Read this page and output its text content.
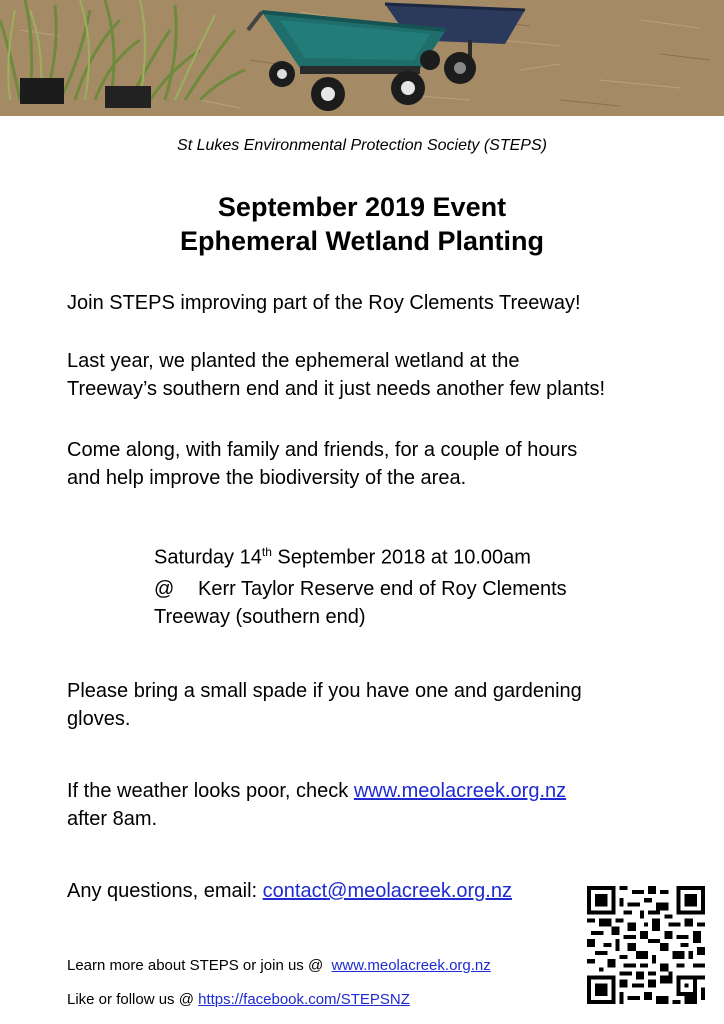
St Lukes Environmental Protection Society (STEPS)
September 2019 Event
Ephemeral Wetland Planting
Join STEPS improving part of the Roy Clements Treeway!
Last year, we planted the ephemeral wetland at the
Treeway’s southern end and it just needs another few plants!
Come along, with family and friends, for a couple of hours
and help improve the biodiversity of the area.
Saturday 14th September 2018 at 10.00am
@ Kerr Taylor Reserve end of Roy Clements
Treeway (southern end)
Please bring a small spade if you have one and gardening
gloves.
If the weather looks poor, check www.meolacreek.org.nz
after 8am.
Any questions, email: contact@meolacreek.org.nz
Learn more about STEPS or join us @  www.meolacreek.org.nz
Like or follow us @ https://facebook.com/STEPSNZ
